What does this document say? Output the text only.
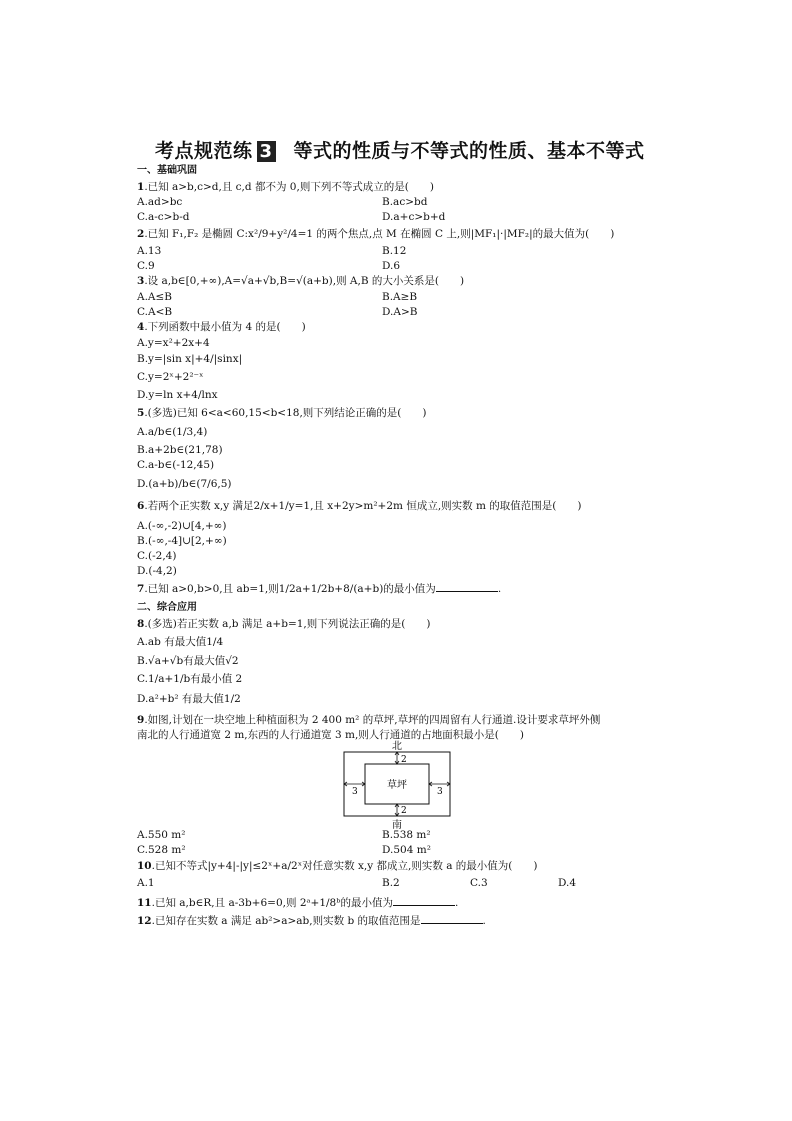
考点规范练 3 等式的性质与不等式的性质、基本不等式
一、基础巩固
1.已知 a>b,c>d,且 c,d 都不为 0,则下列不等式成立的是(　　)
A.ad>bc	B.ac>bd
C.a-c>b-d	D.a+c>b+d
2.已知 F₁,F₂ 是椭圆 C:x²/9+y²/4=1 的两个焦点,点 M 在椭圆 C 上,则|MF₁|·|MF₂|的最大值为(　　)
A.13	B.12
C.9	D.6
3.设 a,b∈[0,+∞),A=√a+√b,B=√(a+b),则 A,B 的大小关系是(　　)
A.A≤B	B.A≥B
C.A<B	D.A>B
4.下列函数中最小值为 4 的是(　　)
A.y=x²+2x+4
B.y=|sin x|+4/|sinx|
C.y=2ˣ+2²⁻ˣ
D.y=ln x+4/lnx
5.(多选)已知 6<a<60,15<b<18,则下列结论正确的是(　　)
A.a/b∈(1/3,4)
B.a+2b∈(21,78)
C.a-b∈(-12,45)
D.(a+b)/b∈(7/6,5)
6.若两个正实数 x,y 满足2/x+1/y=1,且 x+2y>m²+2m 恒成立,则实数 m 的取值范围是(　　)
A.(-∞,-2)∪[4,+∞)
B.(-∞,-4]∪[2,+∞)
C.(-2,4)
D.(-4,2)
7.已知 a>0,b>0,且 ab=1,则1/2a+1/2b+8/(a+b)的最小值为	.
二、综合应用
8.(多选)若正实数 a,b 满足 a+b=1,则下列说法正确的是(　　)
A.ab 有最大值1/4
B.√a+√b有最大值√2
C.1/a+1/b有最小值 2
D.a²+b² 有最大值1/2
9.如图,计划在一块空地上种植面积为 2 400 m² 的草坪,草坪的四周留有人行通道.设计要求草坪外侧
南北的人行通道宽 2 m,东西的人行通道宽 3 m,则人行通道的占地面积最小是(　　)
北
南
草坪
2
2
3	3
A.550 m²	B.538 m²
C.528 m²	D.504 m²
10.已知不等式|y+4|-|y|≤2ˣ+a/2ˣ对任意实数 x,y 都成立,则实数 a 的最小值为(　　)
A.1	B.2	C.3	D.4
11.已知 a,b∈R,且 a-3b+6=0,则 2ᵃ+1/8ᵇ的最小值为	.
12.已知存在实数 a 满足 ab²>a>ab,则实数 b 的取值范围是	.
